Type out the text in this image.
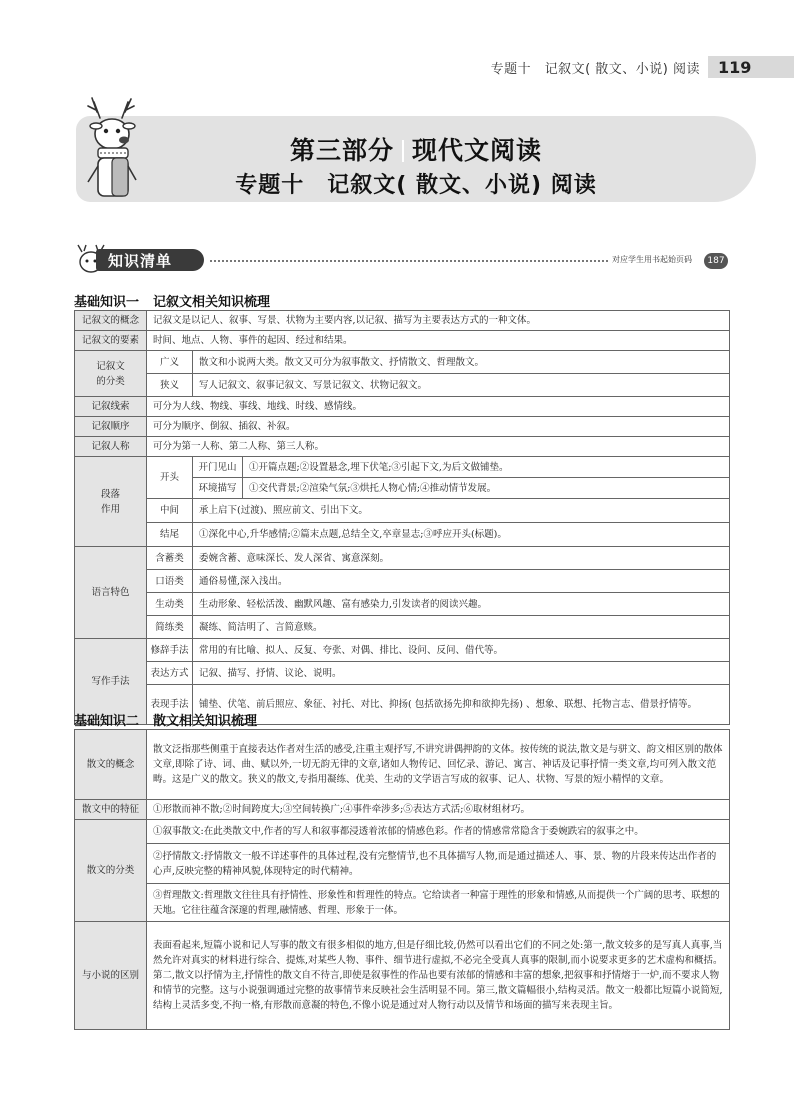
专题十　记叙文( 散文、小说) 阅读	119
第三部分 现代文阅读
专题十　记叙文( 散文、小说) 阅读
知识清单	对应学生用书起始页码	187
基础知识一 记叙文相关知识梳理
记叙文的概念	记叙文是以记人、叙事、写景、状物为主要内容,以记叙、描写为主要表达方式的一种文体。		
记叙文的要素	时间、地点、人物、事件的起因、经过和结果。		

记叙文
的分类	广义	散文和小说两大类。散文又可分为叙事散文、抒情散文、哲理散文。	
	狭义	写人记叙文、叙事记叙文、写景记叙文、状物记叙文。	
记叙线索	可分为人线、物线、事线、地线、时线、感情线。		
记叙顺序	可分为顺序、倒叙、插叙、补叙。		
记叙人称	可分为第一人称、第二人称、第三人称。		

段落
作用	开头	开门见山	①开篇点题;②设置悬念,埋下伏笔;③引起下文,为后文做铺垫。
		环境描写	①交代背景;②渲染气氛;③烘托人物心情;④推动情节发展。
	中间	承上启下(过渡)、照应前文、引出下文。	
	结尾	①深化中心,升华感情;②篇末点题,总结全文,卒章显志;③呼应开头(标题)。	
语言特色	含蓄类	委婉含蓄、意味深长、发人深省、寓意深刻。	
	口语类	通俗易懂,深入浅出。	
	生动类	生动形象、轻松活泼、幽默风趣、富有感染力,引发读者的阅读兴趣。	
	简练类	凝练、简洁明了、言简意赅。	
写作手法	修辞手法	常用的有比喻、拟人、反复、夸张、对偶、排比、设问、反问、借代等。	
	表达方式	记叙、描写、抒情、议论、说明。	
	表现手法	铺垫、伏笔、前后照应、象征、衬托、对比、抑扬( 包括欲扬先抑和欲抑先扬) 、想象、联想、托物言志、借景抒情等。	
基础知识二 散文相关知识梳理
散文的概念	散文泛指那些侧重于直接表达作者对生活的感受,注重主观抒写,不讲究讲偶押韵的文体。按传统的说法,散文是与骈文、韵文相区别的散体文章,即除了诗、词、曲、赋以外,一切无韵无律的文章,诸如人物传记、回忆录、游记、寓言、神话及记事抒情一类文章,均可列入散文范畴。这是广义的散文。狭义的散文,专指用凝练、优美、生动的文学语言写成的叙事、记人、状物、写景的短小精悍的文章。
散文中的特征	①形散而神不散;②时间跨度大;③空间转换广;④事件牵涉多;⑤表达方式活;⑥取材组材巧。
散文的分类	①叙事散文:在此类散文中,作者的写人和叙事都浸透着浓郁的情感色彩。作者的情感常常隐含于委婉跌宕的叙事之中。
	②抒情散文:抒情散文一般不详述事件的具体过程,没有完整情节,也不具体描写人物,而是通过描述人、事、景、物的片段来传达出作者的心声,反映完整的精神风貌,体现特定的时代精神。
	③哲理散文:哲理散文往往具有抒情性、形象性和哲理性的特点。它给读者一种富于理性的形象和情感,从而提供一个广阔的思考、联想的天地。它往往蕴含深邃的哲理,融情感、哲理、形象于一体。
与小说的区别	表面看起来,短篇小说和记人写事的散文有很多相似的地方,但是仔细比较,仍然可以看出它们的不同之处:第一,散文较多的是写真人真事,当然允许对真实的材料进行综合、提炼,对某些人物、事件、细节进行虚拟,不必完全受真人真事的限制,而小说要求更多的艺术虚构和概括。第二,散文以抒情为主,抒情性的散文自不待言,即使是叙事性的作品也要有浓郁的情感和丰富的想象,把叙事和抒情熔于一炉,而不要求人物和情节的完整。这与小说强调通过完整的故事情节来反映社会生活明显不同。第三,散文篇幅很小,结构灵活。散文一般都比短篇小说简短,结构上灵活多变,不拘一格,有形散而意凝的特色,不像小说是通过对人物行动以及情节和场面的描写来表现主旨。
